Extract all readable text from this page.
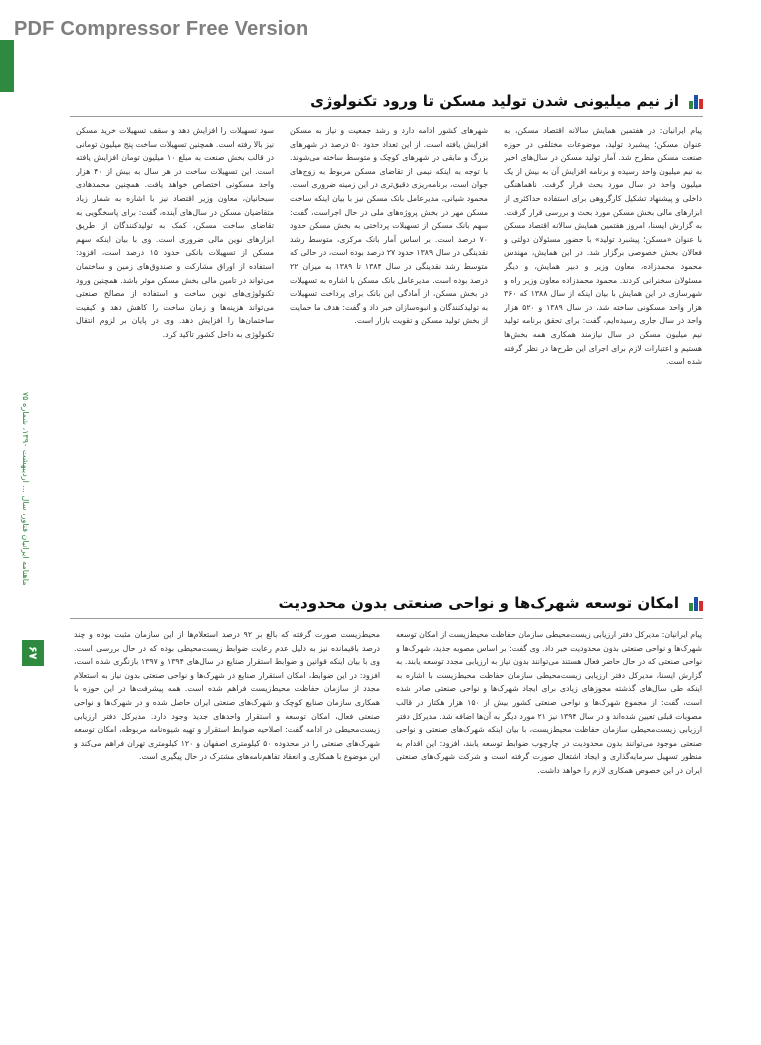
PDF Compressor Free Version
ماهنامه ایرانیان فناور، سال ... اردیبهشت ۱۳۹۰، شماره ۷۵
۶۷
از نیم میلیونی شدن تولید مسکن تا ورود تکنولوژی

پیام ایرانیان: در هفتمین همایش سالانه اقتصاد مسکن، به عنوان مسکن؛ پیشبرد تولید، موضوعات مختلفی در حوزه صنعت مسکن مطرح شد. آمار تولید مسکن در سال‌های اخیر به نیم میلیون واحد رسیده و برنامه افزایش آن به بیش از یک میلیون واحد در سال مورد بحث قرار گرفت. ناهماهنگی داخلی و پیشنهاد تشکیل کارگروهی برای استفاده حداکثری از ابزارهای مالی بخش مسکن مورد بحث و بررسی قرار گرفت. به گزارش ایسنا، امروز هفتمین همایش سالانه اقتصاد مسکن با عنوان «مسکن؛ پیشبرد تولید» با حضور مسئولان دولتی و فعالان بخش خصوصی برگزار شد. در این همایش، مهندس محمود محمدزاده، معاون وزیر و دبیر همایش، و دیگر مسئولان سخنرانی کردند. محمود محمدزاده معاون وزیر راه و شهرسازی در این همایش با بیان اینکه از سال ۱۳۸۸ که ۳۶۰ هزار واحد مسکونی ساخته شد، در سال ۱۳۸۹ و ۵۲۰ هزار واحد در سال جاری رسیده‌ایم، گفت: برای تحقق برنامه تولید نیم میلیون مسکن در سال نیازمند همکاری همه بخش‌ها هستیم و اعتبارات لازم برای اجرای این طرح‌ها در نظر گرفته شده است.

شهرهای کشور ادامه دارد و رشد جمعیت و نیاز به مسکن افزایش یافته است. از این تعداد حدود ۵۰ درصد در شهرهای بزرگ و مابقی در شهرهای کوچک و متوسط ساخته می‌شوند. با توجه به اینکه نیمی از تقاضای مسکن مربوط به زوج‌های جوان است، برنامه‌ریزی دقیق‌تری در این زمینه ضروری است. محمود شیانی، مدیرعامل بانک مسکن نیز با بیان اینکه ساخت مسکن مهر در بخش پروژه‌های ملی در حال اجراست، گفت: سهم بانک مسکن از تسهیلات پرداختی به بخش مسکن حدود ۷۰ درصد است. بر اساس آمار بانک مرکزی، متوسط رشد نقدینگی در سال ۱۳۸۹ حدود ۲۷ درصد بوده است، در حالی که متوسط رشد نقدینگی در سال ۱۳۸۴ تا ۱۳۸۹ به میزان ۲۲ درصد بوده است. مدیرعامل بانک مسکن با اشاره به تسهیلات در بخش مسکن، از آمادگی این بانک برای پرداخت تسهیلات به تولیدکنندگان و انبوه‌سازان خبر داد و گفت: هدف ما حمایت از بخش تولید مسکن و تقویت بازار است.

سود تسهیلات را افزایش دهد و سقف تسهیلات خرید مسکن نیز بالا رفته است. همچنین تسهیلات ساخت پنج میلیون تومانی در قالب بخش صنعت به مبلغ ۱۰ میلیون تومان افزایش یافته است. این تسهیلات ساخت در هر سال به بیش از ۴۰ هزار واحد مسکونی اختصاص خواهد یافت. همچنین محمدهادی سبحانیان، معاون وزیر اقتصاد نیز با اشاره به شمار زیاد متقاضیان مسکن در سال‌های آینده، گفت: برای پاسخگویی به تقاضای ساخت مسکن، کمک به تولیدکنندگان از طریق ابزارهای نوین مالی ضروری است. وی با بیان اینکه سهم مسکن از تسهیلات بانکی حدود ۱۵ درصد است، افزود: استفاده از اوراق مشارکت و صندوق‌های زمین و ساختمان می‌تواند در تامین مالی بخش مسکن موثر باشد. همچنین ورود تکنولوژی‌های نوین ساخت و استفاده از مصالح صنعتی می‌تواند هزینه‌ها و زمان ساخت را کاهش دهد و کیفیت ساختمان‌ها را افزایش دهد. وی در پایان بر لزوم انتقال تکنولوژی به داخل کشور تاکید کرد.

امکان توسعه شهرک‌ها و نواحی صنعتی بدون محدودیت

پیام ایرانیان: مدیرکل دفتر ارزیابی زیست‌محیطی سازمان حفاظت محیط‌زیست از امکان توسعه شهرک‌ها و نواحی صنعتی بدون محدودیت خبر داد. وی گفت: بر اساس مصوبه جدید، شهرک‌ها و نواحی صنعتی که در حال حاضر فعال هستند می‌توانند بدون نیاز به ارزیابی مجدد توسعه یابند. به گزارش ایسنا، مدیرکل دفتر ارزیابی زیست‌محیطی سازمان حفاظت محیط‌زیست با اشاره به اینکه طی سال‌های گذشته مجوزهای زیادی برای ایجاد شهرک‌ها و نواحی صنعتی صادر شده است، گفت: از مجموع شهرک‌ها و نواحی صنعتی کشور بیش از ۱۵۰ هزار هکتار در قالب مصوبات قبلی تعیین شده‌اند و در سال ۱۳۹۴ نیز ۲۱ مورد دیگر به آن‌ها اضافه شد. مدیرکل دفتر ارزیابی زیست‌محیطی سازمان حفاظت محیط‌زیست، با بیان اینکه شهرک‌های صنعتی و نواحی صنعتی موجود می‌توانند بدون محدودیت در چارچوب ضوابط توسعه یابند، افزود: این اقدام به منظور تسهیل سرمایه‌گذاری و ایجاد اشتغال صورت گرفته است و شرکت شهرک‌های صنعتی ایران در این خصوص همکاری لازم را خواهد داشت.

محیط‌زیست صورت گرفته که بالغ بر ۹۲ درصد استعلام‌ها از این سازمان مثبت بوده و چند درصد باقیمانده نیز به دلیل عدم رعایت ضوابط زیست‌محیطی بوده که در حال بررسی است. وی با بیان اینکه قوانین و ضوابط استقرار صنایع در سال‌های ۱۳۹۴ و ۱۳۹۷ بازنگری شده است، افزود: در این ضوابط، امکان استقرار صنایع در شهرک‌ها و نواحی صنعتی بدون نیاز به استعلام مجدد از سازمان حفاظت محیط‌زیست فراهم شده است. همه پیشرفت‌ها در این حوزه با همکاری سازمان صنایع کوچک و شهرک‌های صنعتی ایران حاصل شده و در شهرک‌ها و نواحی صنعتی فعال، امکان توسعه و استقرار واحدهای جدید وجود دارد. مدیرکل دفتر ارزیابی زیست‌محیطی در ادامه گفت: اصلاحیه ضوابط استقرار و تهیه شیوه‌نامه مربوطه، امکان توسعه شهرک‌های صنعتی را در محدوده ۵۰ کیلومتری اصفهان و ۱۲۰ کیلومتری تهران فراهم می‌کند و این موضوع با همکاری و انعقاد تفاهم‌نامه‌های مشترک در حال پیگیری است.
